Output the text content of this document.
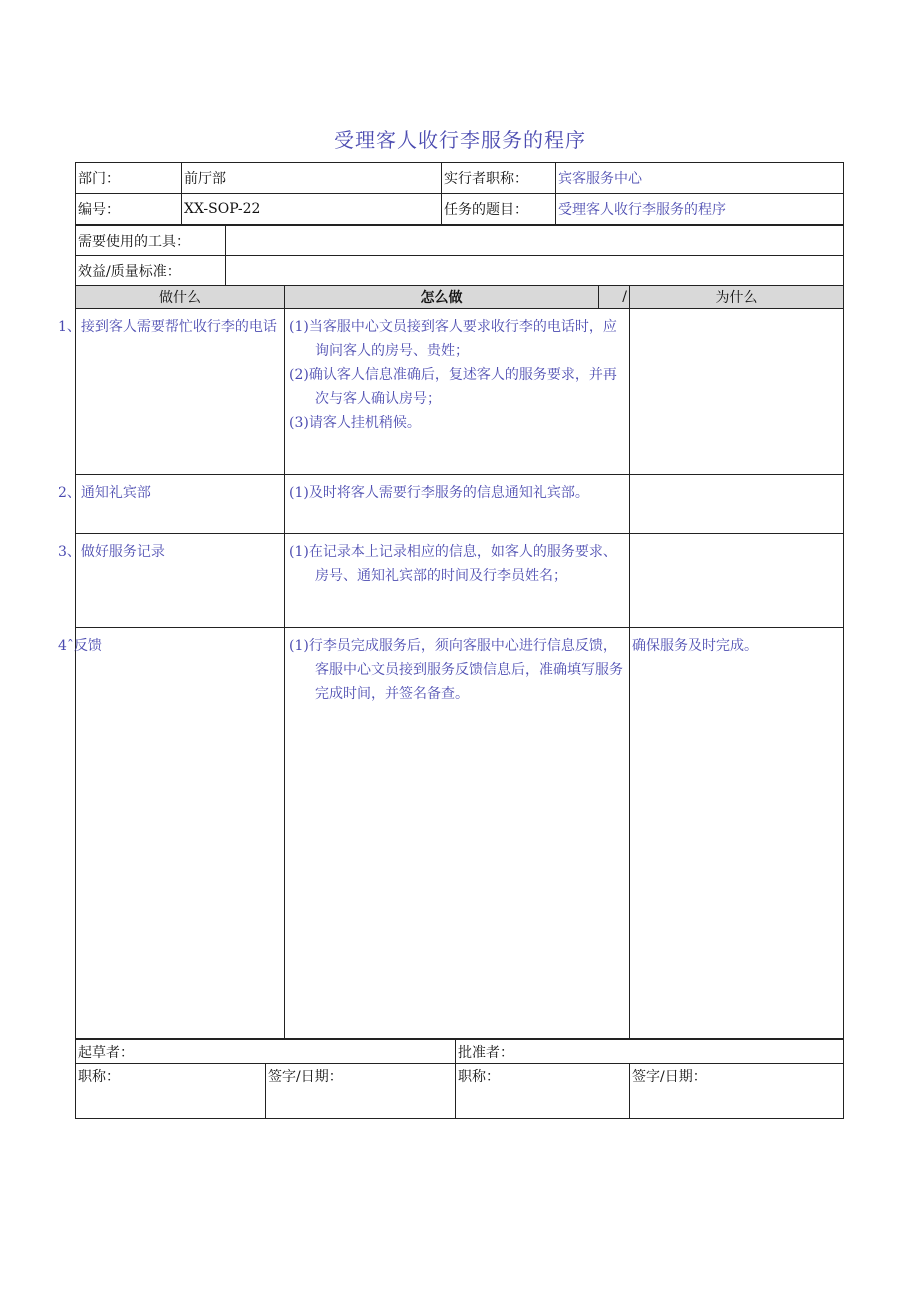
受理客人收行李服务的程序
部门：	前厅部	实行者职称：	宾客服务中心
编号：	XX-SOP-22	任务的题目：	受理客人收行李服务的程序
需要使用的工具：	
效益/质量标准：	
做什么	怎么做	/	为什么
1、接到客人需要帮忙收行李的电话	(1)当客服中心文员接到客人要求收行李的电话时，应询问客人的房号、贵姓；

(2)确认客人信息准确后，复述客人的服务要求，并再次与客人确认房号；

(3)请客人挂机稍候。		

2、通知礼宾部	(1)及时将客人需要行李服务的信息通知礼宾部。		

3、做好服务记录	(1)在记录本上记录相应的信息，如客人的服务要求、房号、通知礼宾部的时间及行李员姓名；		

4ˆ反馈	(1)行李员完成服务后，须向客服中心进行信息反馈，客服中心文员接到服务反馈信息后，准确填写服务完成时间，并签名备查。		确保服务及时完成。
起草者：		批准者：	
职称：	签字/日期：	职称：	签字/日期：
